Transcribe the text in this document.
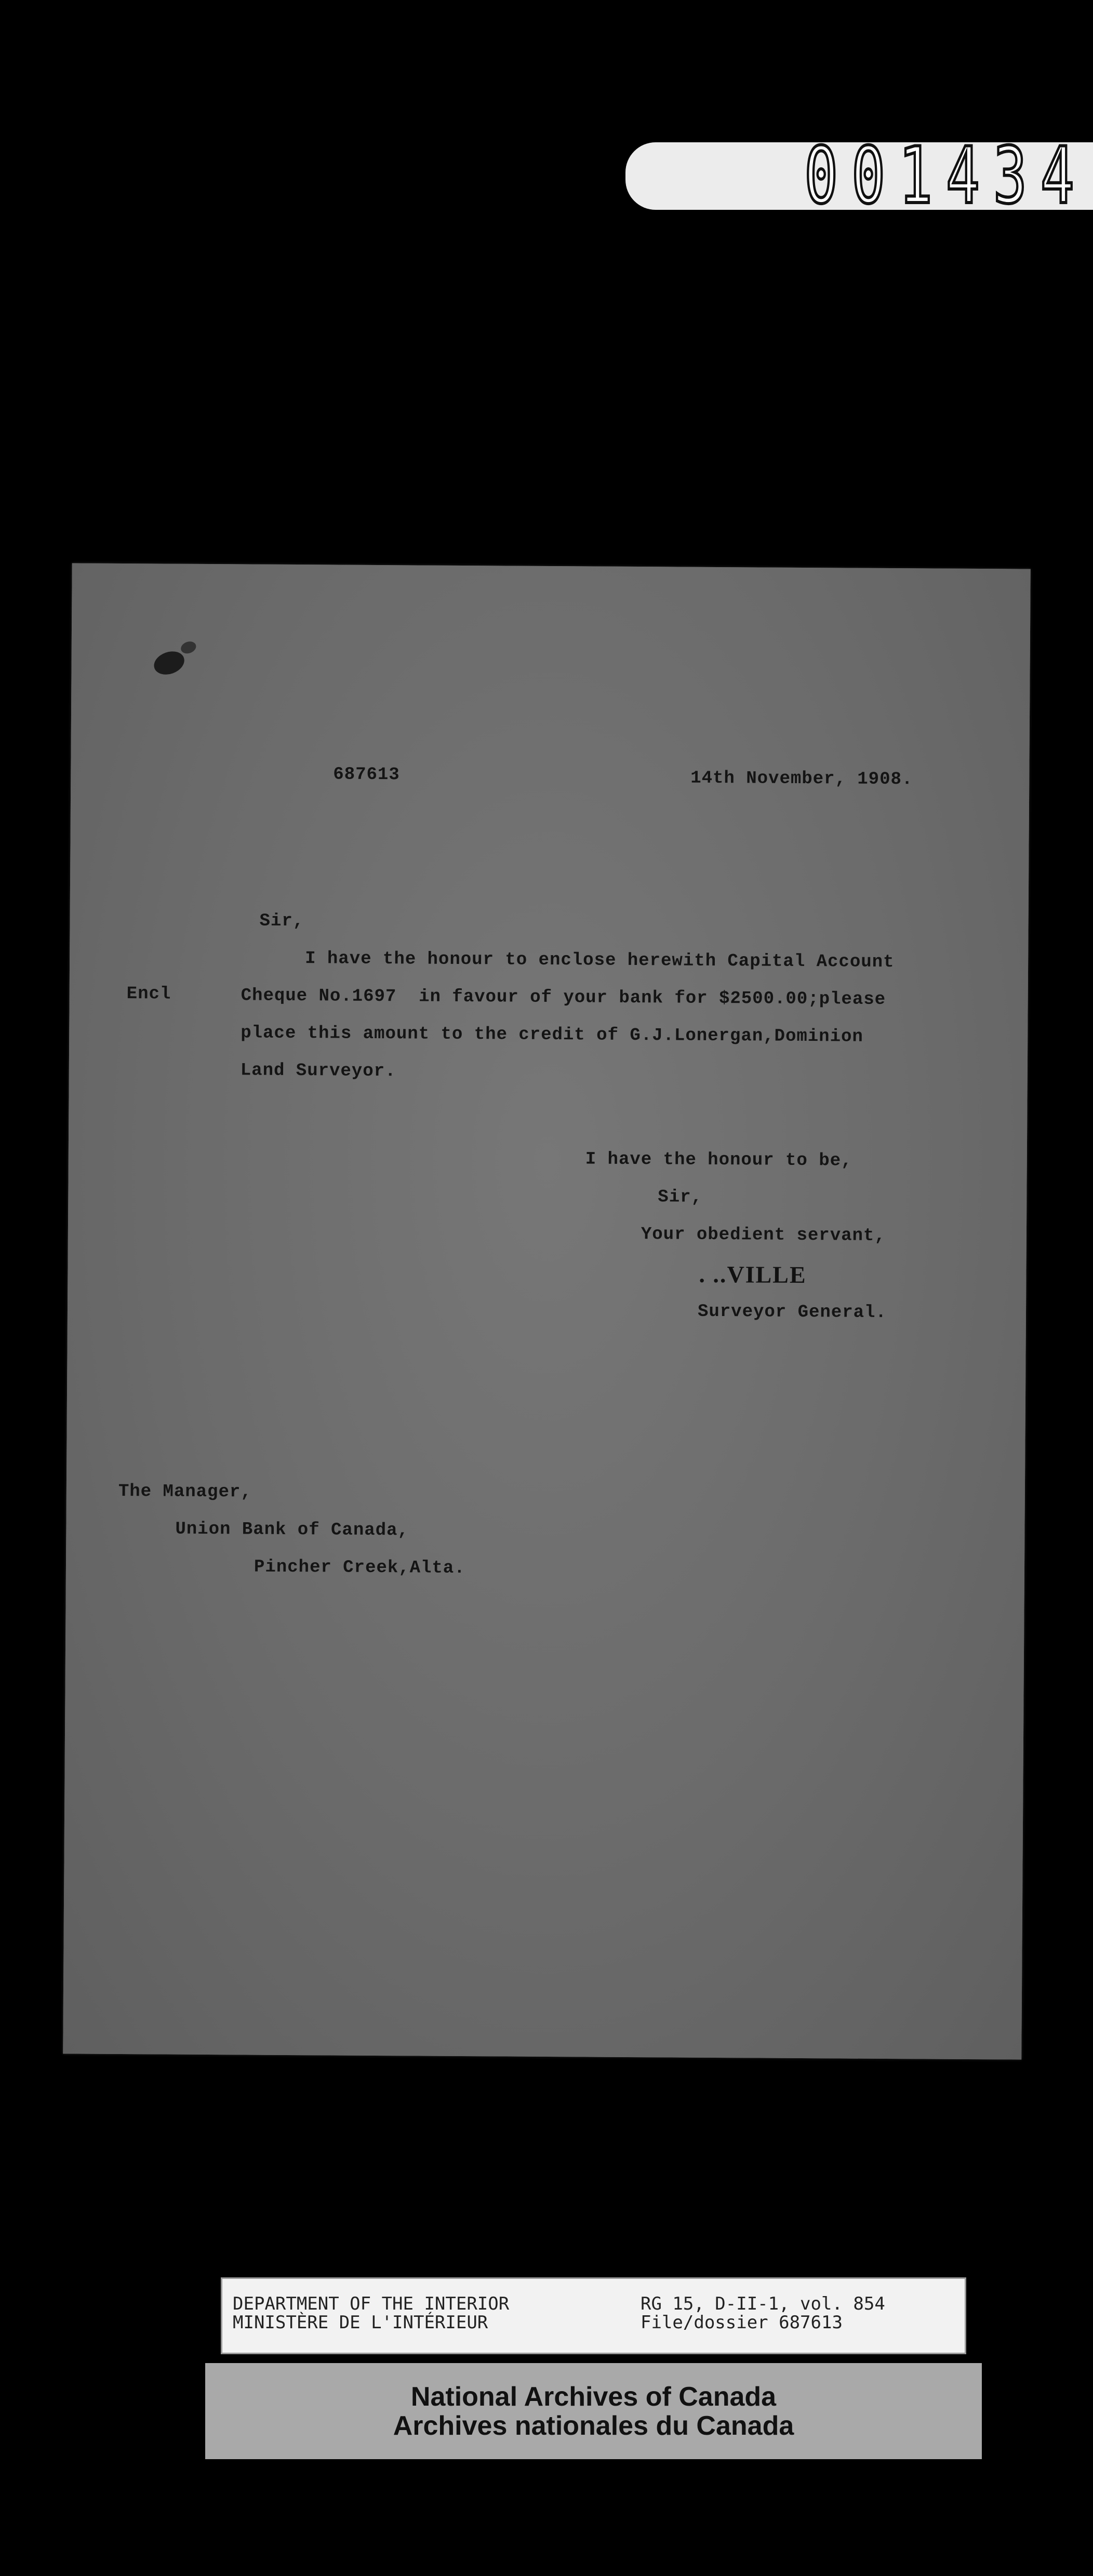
001434
687613	14th November, 1908.
Sir,
I have the honour to enclose herewith Capital Account
Encl	Cheque No.1697  in favour of your bank for $2500.00;please
place this amount to the credit of G.J.Lonergan,Dominion
Land Surveyor.
I have the honour to be,
Sir,
Your obedient servant,
. ..VILLE
Surveyor General.
The Manager,
Union Bank of Canada,
Pincher Creek,Alta.
DEPARTMENT OF THE INTERIOR
MINISTÈRE DE L'INTÉRIEUR
RG 15, D-II-1, vol. 854
File/dossier 687613
National Archives of Canada
Archives nationales du Canada
